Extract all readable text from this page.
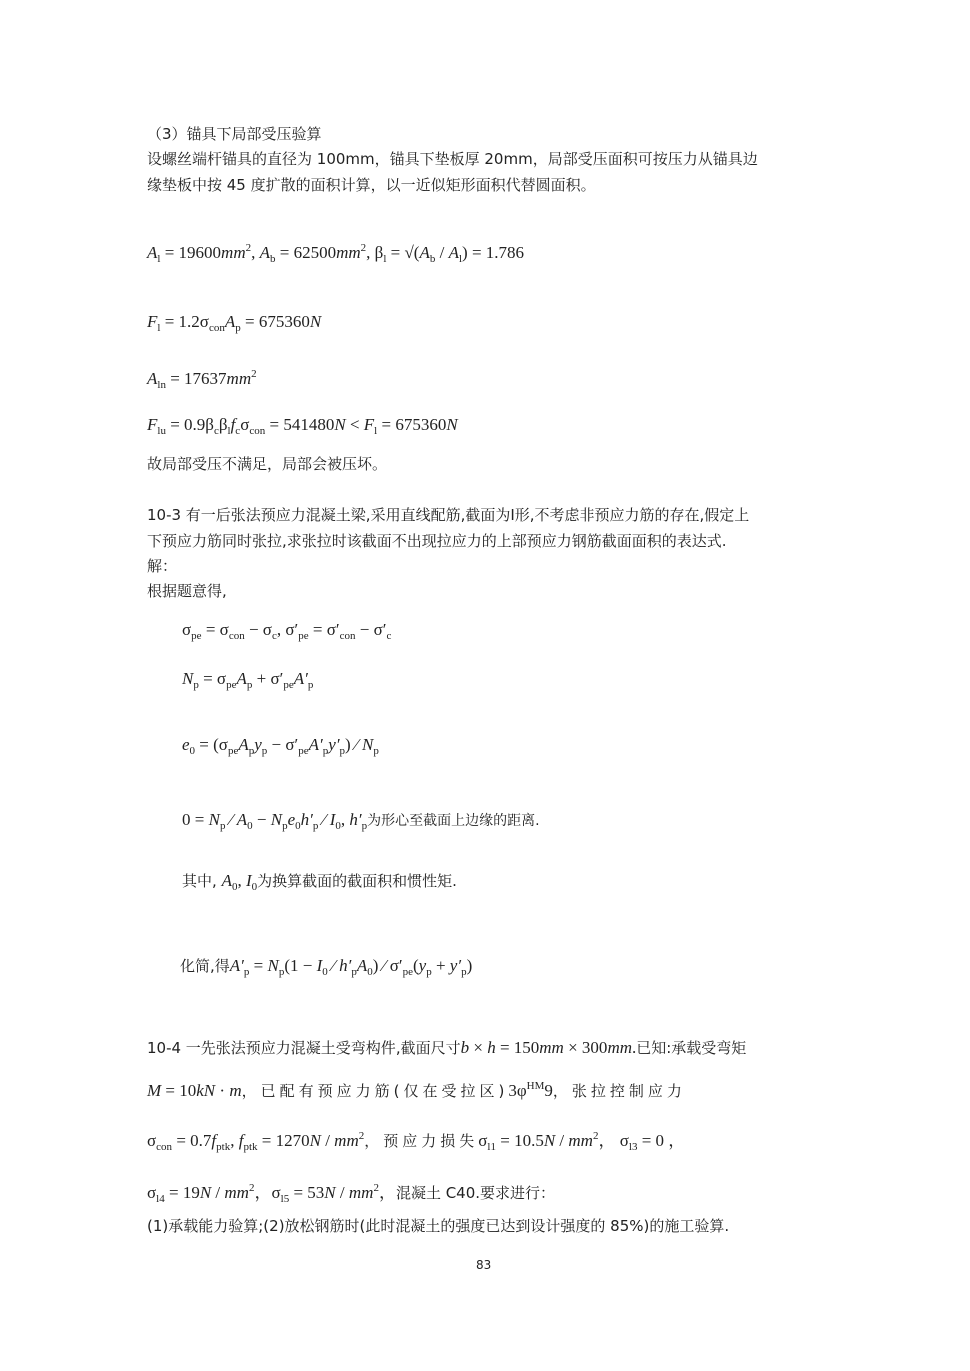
（3）锚具下局部受压验算
设螺丝端杆锚具的直径为 100mm，锚具下垫板厚 20mm，局部受压面积可按压力从锚具边
缘垫板中按 45 度扩散的面积计算，以一近似矩形面积代替圆面积。
$A_l = 19600mm^2$, $A_b = 62500mm^2$, $\beta_l = √(A_b / A_l) = 1.786$
$F_l = 1.2\sigma_{con}A_p = 675360N$
$A_{ln} = 17637mm^2$
$F_{lu} = 0.9\beta_c\beta_lf_c\sigma_{con} = 541480N < F_l = 675360N$
故局部受压不满足，局部会被压坏。
10-3 有一后张法预应力混凝土梁,采用直线配筋,截面为I形,不考虑非预应力筋的存在,假定上
下预应力筋同时张拉,求张拉时该截面不出现拉应力的上部预应力钢筋截面面积的表达式.
解：
根据题意得,
$\sigma_{pe} = \sigma_{con} - \sigma_c$, $\sigma'_{pe} = \sigma'_{con} - \sigma'_c$
$N_p = \sigma_{pe}A_p + \sigma'_{pe}A'_p$
$e_0 = (\sigma_{pe}A_py_p - \sigma'_{pe}A'_py'_p)$ ⁄ $N_p$
$0 = N_p$ ⁄ $A_0 - N_pe_0h'_p$ ⁄ $I_0$, $h'_p$为形心至截面上边缘的距离.
其中, $A_0$, $I_0$为换算截面的截面积和惯性矩.
化简,得$A'_p = N_p(1 - I_0$ ⁄ $h'_pA_0$) ⁄ $\sigma'_{pe}(y_p + y'_p)$
10-4 一先张法预应力混凝土受弯构件,截面尺寸b × h = 150mm × 300mm.已知:承载受弯矩
M = 10kN · m，已配有预应力筋(仅在受拉区)$3\varphi^{HM}9$，张拉控制应力
$\sigma_{con} = 0.7f_{ptk}$, $f_{ptk} = 1270N / mm^2$，预应力损失$\sigma_{l1} = 10.5N / mm^2$， $\sigma_{l3} = 0$ ，
$\sigma_{l4} = 19N / mm^2$，$\sigma_{l5} = 53N / mm^2$，混凝土 C40.要求进行：
(1)承载能力验算;(2)放松钢筋时(此时混凝土的强度已达到设计强度的 85%)的施工验算.
83
